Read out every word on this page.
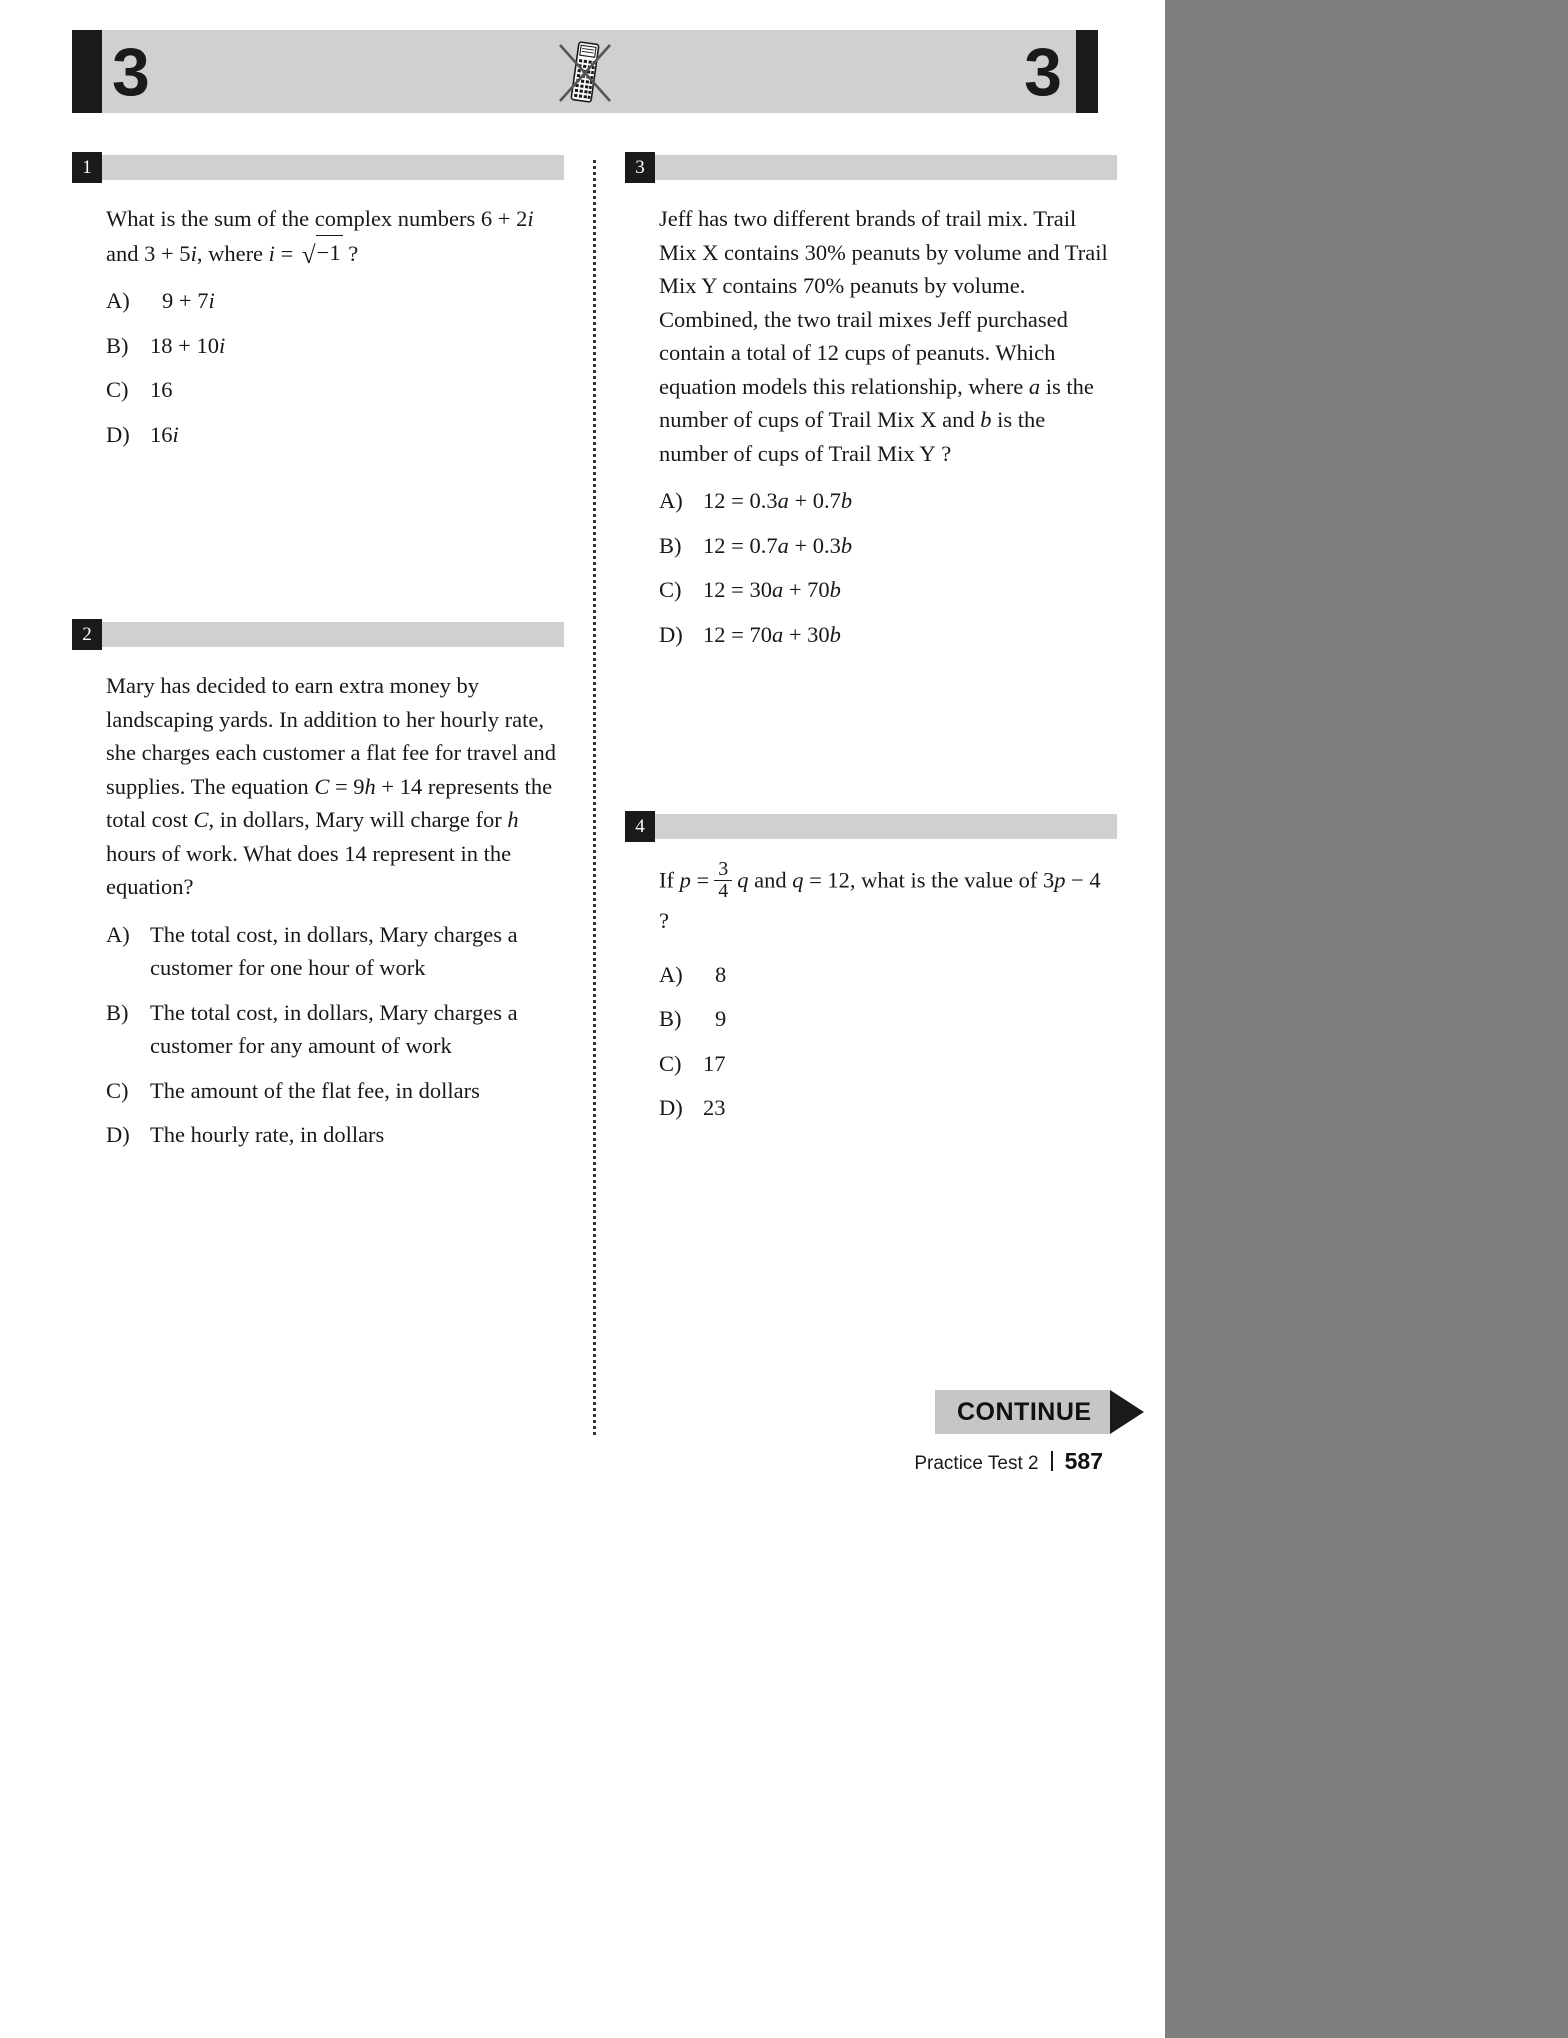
3	3
1
What is the sum of the complex numbers 6 + 2i and 3 + 5i, where i = √−1 ?
A)	9 + 7i
B) 18 + 10i
C) 16
D) 16i
2
Mary has decided to earn extra money by landscaping yards. In addition to her hourly rate, she charges each customer a flat fee for travel and supplies. The equation C = 9h + 14 represents the total cost C, in dollars, Mary will charge for h hours of work. What does 14 represent in the equation?
A) The total cost, in dollars, Mary charges a customer for one hour of work
B) The total cost, in dollars, Mary charges a customer for any amount of work
C) The amount of the flat fee, in dollars
D) The hourly rate, in dollars
3
Jeff has two different brands of trail mix. Trail Mix X contains 30% peanuts by volume and Trail Mix Y contains 70% peanuts by volume. Combined, the two trail mixes Jeff purchased contain a total of 12 cups of peanuts. Which equation models this relationship, where a is the number of cups of Trail Mix X and b is the number of cups of Trail Mix Y ?
A) 12 = 0.3a + 0.7b
B) 12 = 0.7a + 0.3b
C) 12 = 30a + 70b
D) 12 = 70a + 30b
4
If $p = \frac{3}{4}$ q and q = 12, what is the value of 3p − 4 ?
A)	8
B)	9
C) 17
D) 23
CONTINUE
Practice Test 2 587
